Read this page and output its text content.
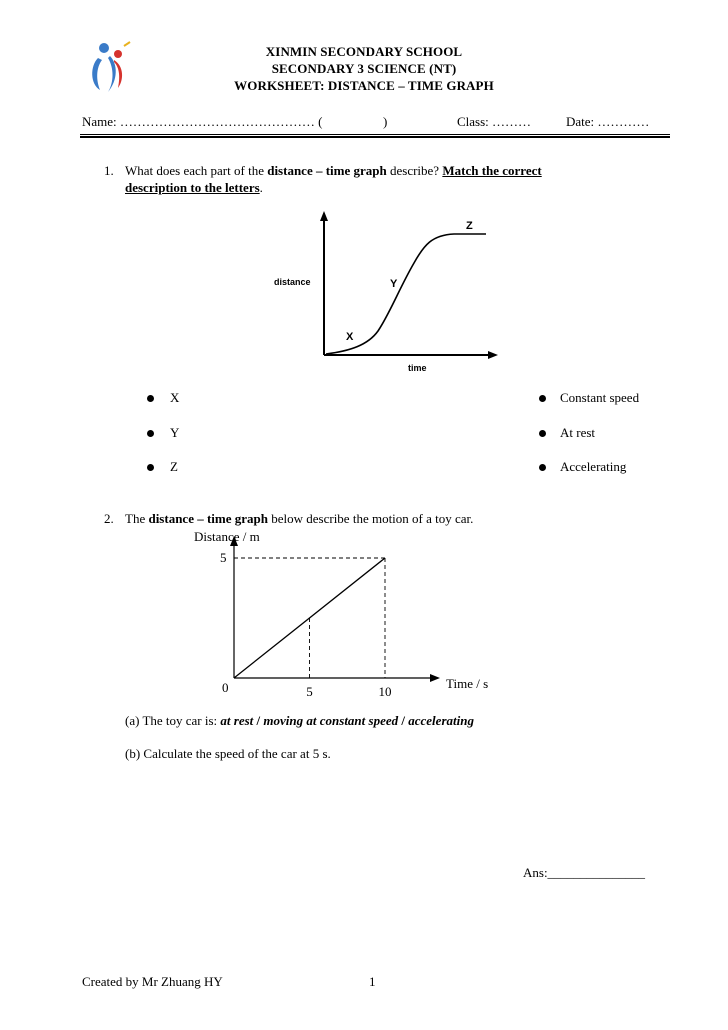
XINMIN SECONDARY SCHOOL
SECONDARY 3 SCIENCE (NT)
WORKSHEET: DISTANCE – TIME GRAPH
Name: ……………………………………… (	)	Class: ………	Date: …………
1. What does each part of the distance – time graph describe? Match the correct
description to the letters.
distance
time
X
Y
Z
X
Y
Z
Constant speed
At rest
Accelerating
2. The distance – time graph below describe the motion of a toy car.
Distance / m
Time / s
5
0	5	10
(a) The toy car is: at rest / moving at constant speed / accelerating
(b) Calculate the speed of the car at 5 s.
Ans:_______________
Created by Mr Zhuang HY	1
